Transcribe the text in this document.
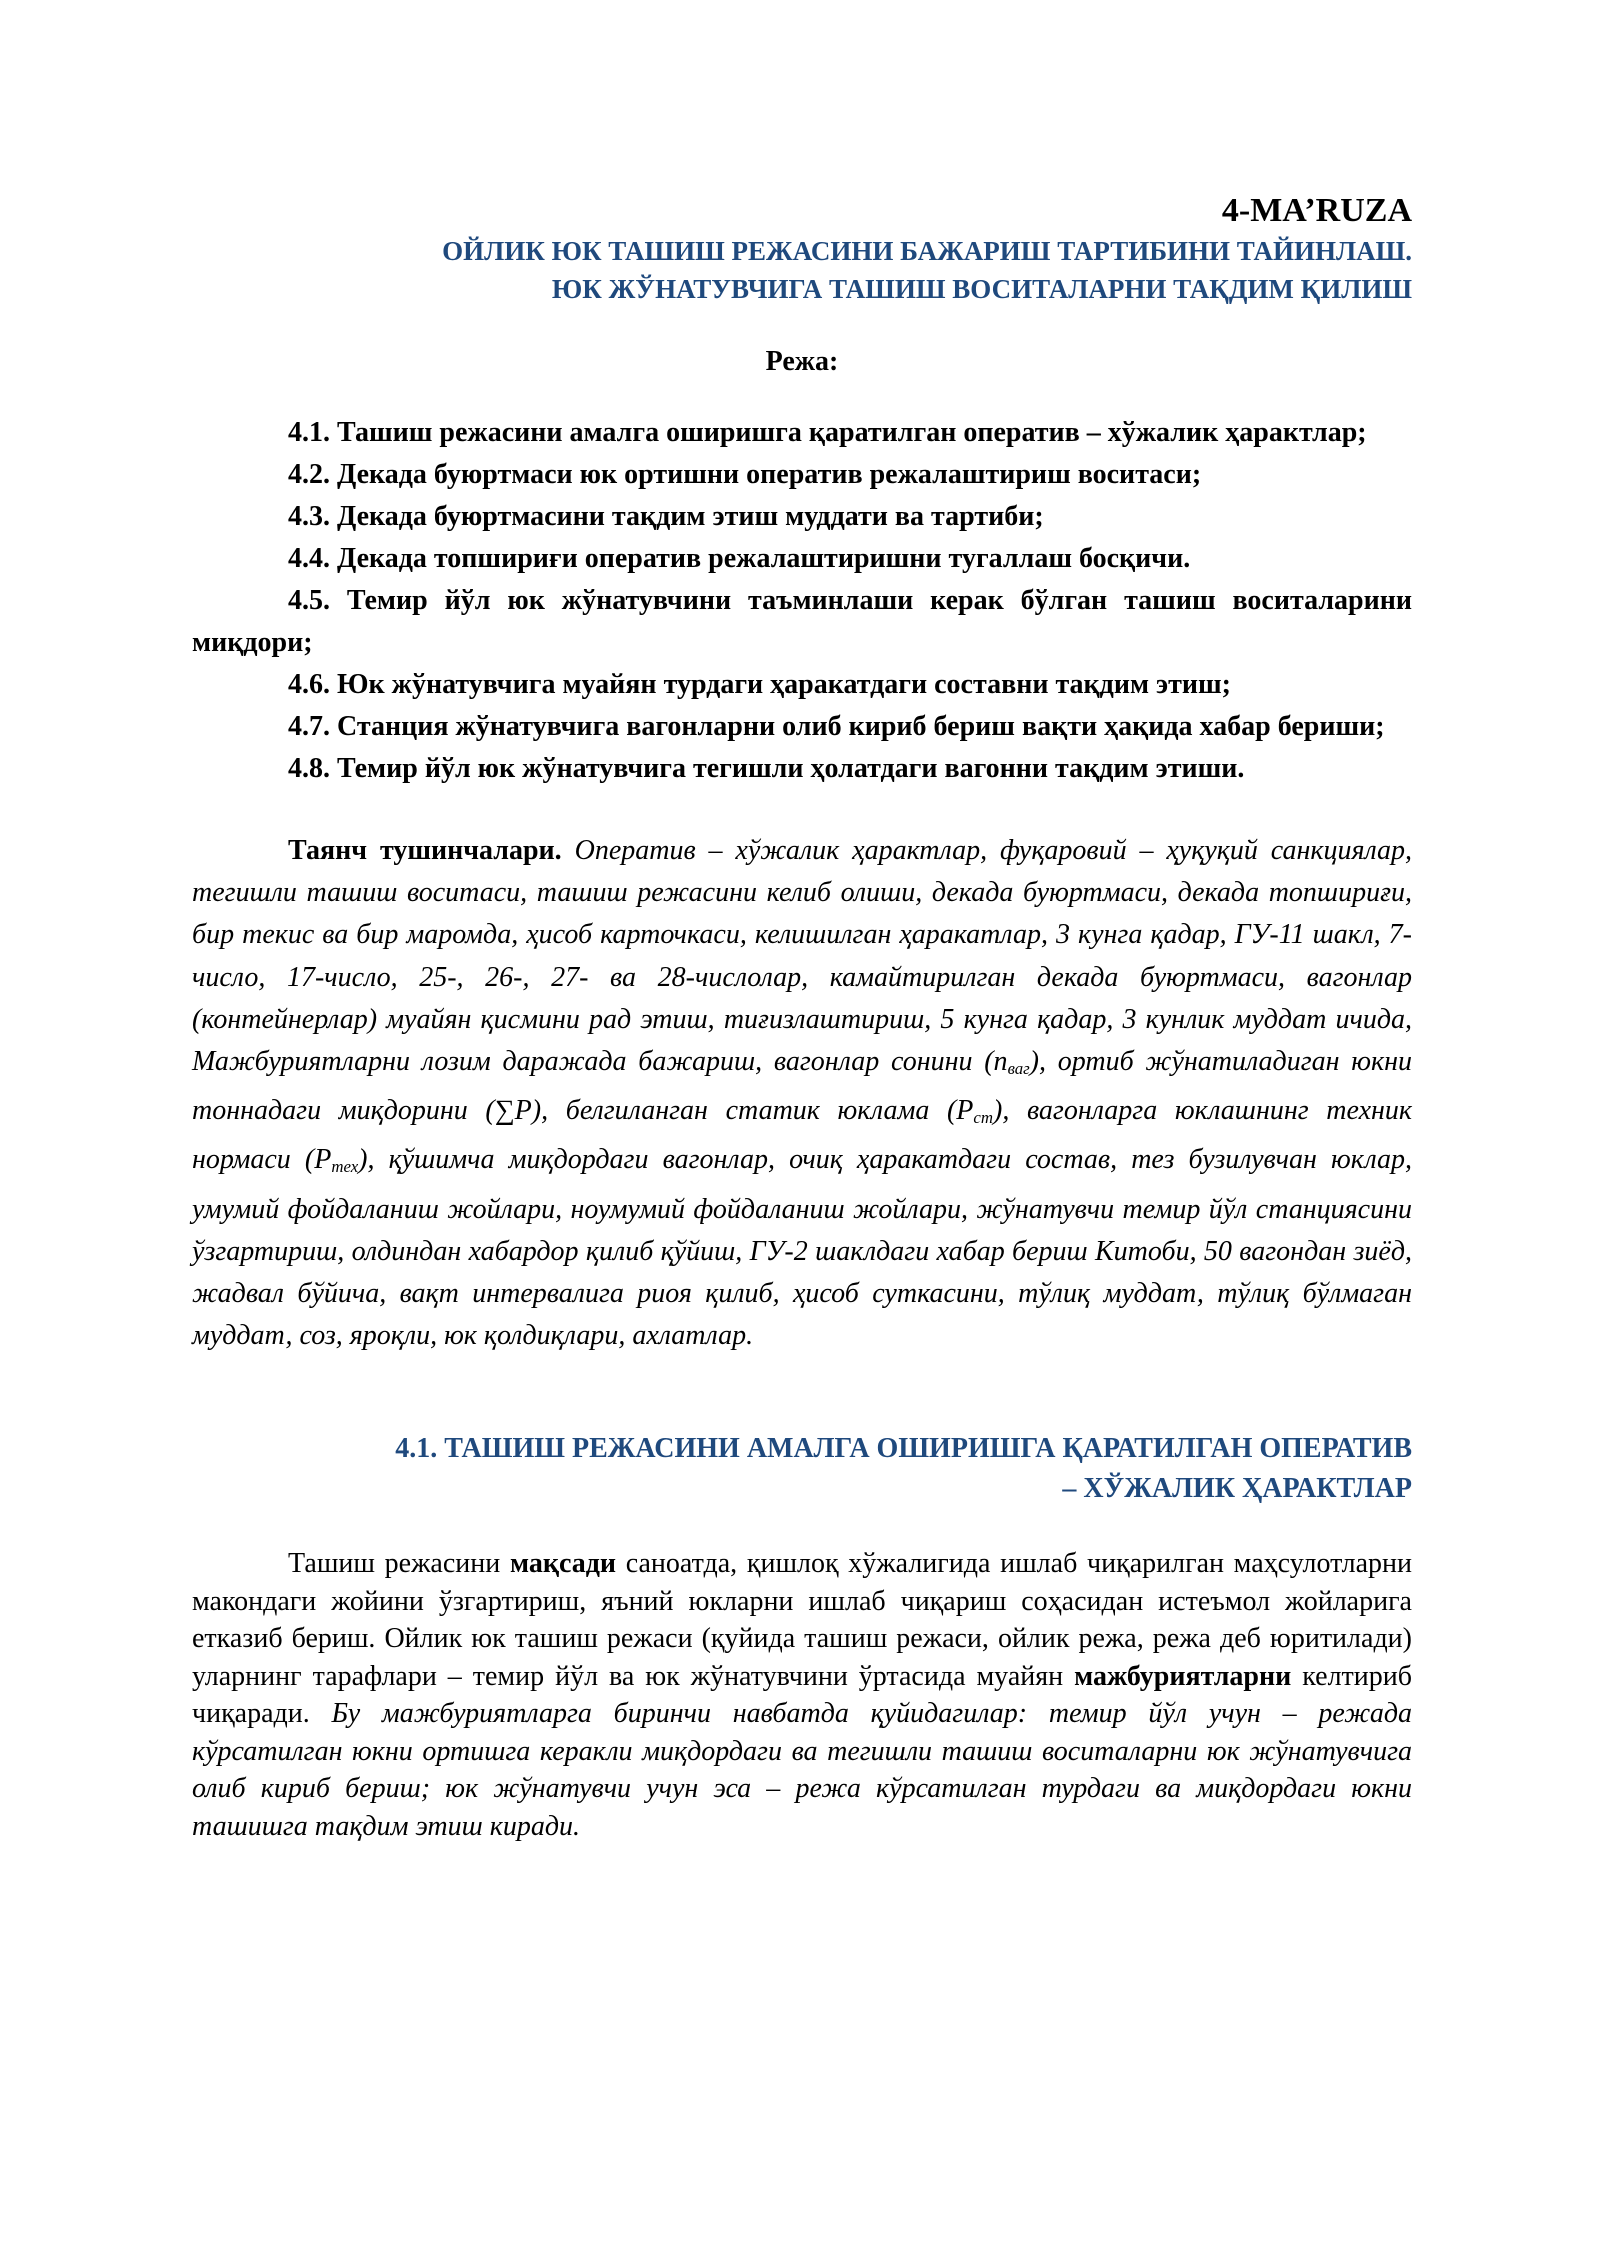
4-MA’RUZA
ОЙЛИК ЮК ТАШИШ РЕЖАСИНИ БАЖАРИШ ТАРТИБИНИ ТАЙИНЛАШ.
ЮК ЖЎНАТУВЧИГА ТАШИШ ВОСИТАЛАРНИ ТАҚДИМ ҚИЛИШ
Режа:
4.1. Ташиш режасини амалга оширишга қаратилган оператив – хўжалик ҳарактлар;
4.2. Декада буюртмаси юк ортишни оператив режалаштириш воситаси;
4.3. Декада буюртмасини тақдим этиш муддати ва тартиби;
4.4. Декада топшириғи оператив режалаштиришни тугаллаш босқичи.
4.5. Темир йўл юк жўнатувчини таъминлаши керак бўлган ташиш воситаларини миқдори;
4.6. Юк жўнатувчига муайян турдаги ҳаракатдаги составни тақдим этиш;
4.7. Станция жўнатувчига вагонларни олиб кириб бериш вақти ҳақида хабар бериши;
4.8. Темир йўл юк жўнатувчига тегишли ҳолатдаги вагонни тақдим этиши.
Таянч тушинчалари. Оператив – хўжалик ҳарактлар, фуқаровий – ҳуқуқий санкциялар, тегишли ташиш воситаси, ташиш режасини келиб олиши, декада буюртмаси, декада топшириғи, бир текис ва бир маромда, ҳисоб карточкаси, келишилган ҳаракатлар, 3 кунга қадар, ГУ-11 шакл, 7-число, 17-число, 25-, 26-, 27- ва 28-числолар, камайтирилган декада буюртмаси, вагонлар (контейнерлар) муайян қисмини рад этиш, тиғизлаштириш, 5 кунга қадар, 3 кунлик муддат ичида, Мажбуриятларни лозим даражада бажариш, вагонлар сонини $(n_{ваг})$, ортиб жўнатиладиган юкни тоннадаги миқдорини (∑P), белгиланган статик юклама $(P_{ст})$, вагонларга юклашнинг техник нормаси $(P_{тех})$, қўшимча миқдордаги вагонлар, очиқ ҳаракатдаги состав, тез бузилувчан юклар, умумий фойдаланиш жойлари, ноумумий фойдаланиш жойлари, жўнатувчи темир йўл станциясини ўзгартириш, олдиндан хабардор қилиб қўйиш, ГУ-2 шаклдаги хабар бериш Китоби, 50 вагондан зиёд, жадвал бўйича, вақт интервалига риоя қилиб, ҳисоб суткасини, тўлиқ муддат, тўлиқ бўлмаган муддат, соз, яроқли, юк қолдиқлари, ахлатлар.
4.1. ТАШИШ РЕЖАСИНИ АМАЛГА ОШИРИШГА ҚАРАТИЛГАН ОПЕРАТИВ
– ХЎЖАЛИК ҲАРАКТЛАР
Ташиш режасини мақсади саноатда, қишлоқ хўжалигида ишлаб чиқарилган маҳсулотларни макондаги жойини ўзгартириш, яъний юкларни ишлаб чиқариш соҳасидан истеъмол жойларига етказиб бериш. Ойлик юк ташиш режаси (қуйида ташиш режаси, ойлик режа, режа деб юритилади) уларнинг тарафлари – темир йўл ва юк жўнатувчини ўртасида муайян мажбуриятларни келтириб чиқаради. Бу мажбуриятларга биринчи навбатда қуйидагилар: темир йўл учун – режада кўрсатилган юкни ортишга керакли миқдордаги ва тегишли ташиш воситаларни юк жўнатувчига олиб кириб бериш; юк жўнатувчи учун эса – режа кўрсатилган турдаги ва миқдордаги юкни ташишга тақдим этиш киради.
